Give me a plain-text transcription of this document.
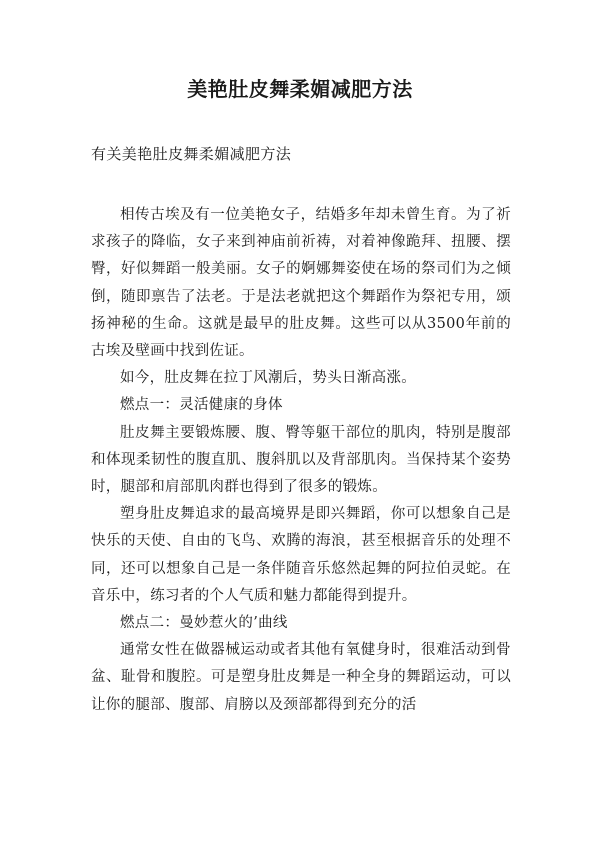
美艳肚皮舞柔媚减肥方法
有关美艳肚皮舞柔媚减肥方法

相传古埃及有一位美艳女子，结婚多年却未曾生育。为了祈求孩子的降临，女子来到神庙前祈祷，对着神像跪拜、扭腰、摆臀，好似舞蹈一般美丽。女子的婀娜舞姿使在场的祭司们为之倾倒，随即禀告了法老。于是法老就把这个舞蹈作为祭祀专用，颂扬神秘的生命。这就是最早的肚皮舞。这些可以从3500年前的古埃及壁画中找到佐证。

如今，肚皮舞在拉丁风潮后，势头日渐高涨。

燃点一：灵活健康的身体

肚皮舞主要锻炼腰、腹、臀等躯干部位的肌肉，特别是腹部和体现柔韧性的腹直肌、腹斜肌以及背部肌肉。当保持某个姿势时，腿部和肩部肌肉群也得到了很多的锻炼。

塑身肚皮舞追求的最高境界是即兴舞蹈，你可以想象自己是快乐的天使、自由的飞鸟、欢腾的海浪，甚至根据音乐的处理不同，还可以想象自己是一条伴随音乐悠然起舞的阿拉伯灵蛇。在音乐中，练习者的个人气质和魅力都能得到提升。

燃点二：曼妙惹火的’曲线

通常女性在做器械运动或者其他有氧健身时，很难活动到骨盆、耻骨和腹腔。可是塑身肚皮舞是一种全身的舞蹈运动，可以让你的腿部、腹部、肩膀以及颈部都得到充分的活
